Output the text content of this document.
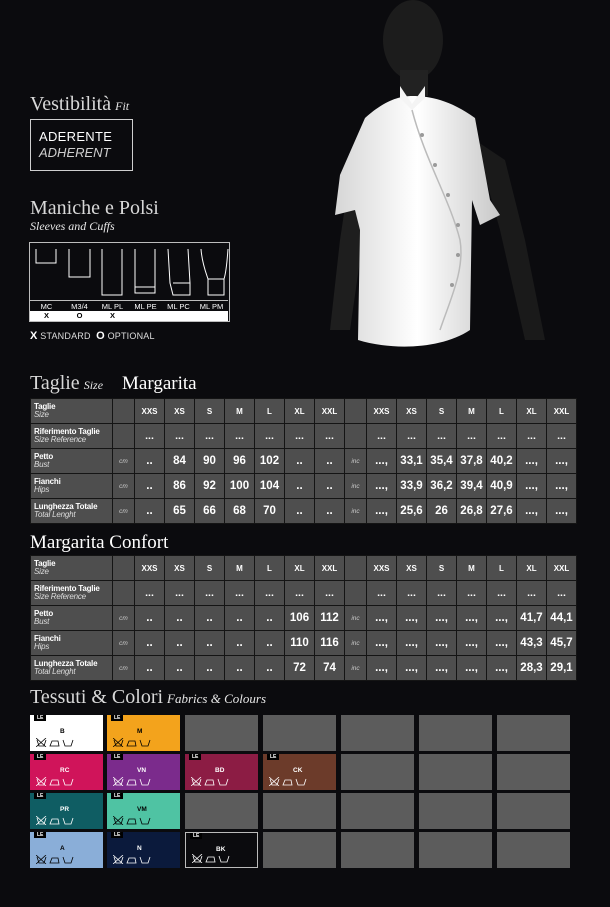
Vestibilità Fit
ADERENTE
ADHERENT
Maniche e Polsi
Sleeves and Cuffs
MC
X
M3/4
O
ML PL
X
ML PE	ML PC	ML PM
X STANDARD O OPTIONAL
Taglie Size Margarita
Taglie
Size		XXS	XS	S	M	L	XL	XXL		XXS	XS	S	M	L	XL	XXL

Riferimento Taglie
Size Reference		...	...	...	...	...	...	...		...	...	...	...	...	...	...

Petto
Bust	cm	..	84	90	96	102	..	..	inc	...,	33,1	35,4	37,8	40,2	...,	...,

Fianchi
Hips	cm	..	86	92	100	104	..	..	inc	...,	33,9	36,2	39,4	40,9	...,	...,

Lunghezza Totale
Total Lenght	cm	..	65	66	68	70	..	..	inc	...,	25,6	26	26,8	27,6	...,	...,
Margarita Confort
Taglie
Size		XXS	XS	S	M	L	XL	XXL		XXS	XS	S	M	L	XL	XXL

Riferimento Taglie
Size Reference		...	...	...	...	...	...	...		...	...	...	...	...	...	...

Petto
Bust	cm	..	..	..	..	..	106	112	inc	...,	...,	...,	...,	...,	41,7	44,1

Fianchi
Hips	cm	..	..	..	..	..	110	116	inc	...,	...,	...,	...,	...,	43,3	45,7

Lunghezza Totale
Total Lenght	cm	..	..	..	..	..	72	74	inc	...,	...,	...,	...,	...,	28,3	29,1
Tessuti & Colori Fabrics & Colours
LE
B
LE
M
LE
RC
LE
VN
LE
BD
LE
CK
LE
PR
LE
VM
LE
A
LE
N
LE
BK
